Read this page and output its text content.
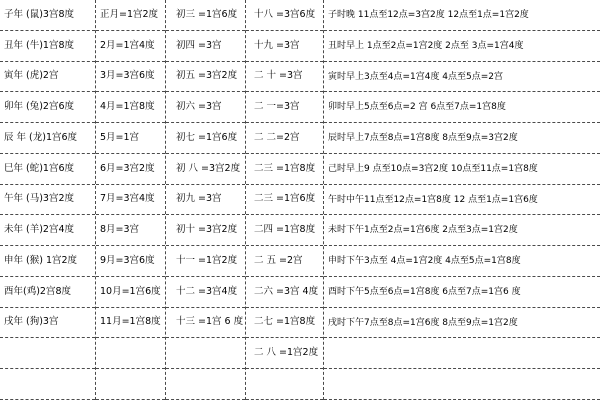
子年 (鼠)3宫8度
丑年 (牛)1宫8度
寅年 (虎)2宫
卯年 (兔)2宫6度
辰 年 (龙)1宫6度
巳年 (蛇)1宫6度
午年 (马)3宫2度
未年 (羊)2宫4度
申年 (猴) 1宫2度
酉年(鸡)2宫8度
戌年 (狗)3宫
正月=1宫2度
2月=1宫4度
3月=3宫6度
4月=1宫8度
5月=1宫
6月=3宫2度
7月=3宫4度
8月=3宫
9月=3宫6度
10月=1宫6度
11月=1宫8度
初三 =1宫6度
初四 =3宫
初五 =3宫2度
初六 =3宫
初七 =1宫6度
初 八 =3宫2度
初九 =3宫
初十 =3宫2度
十一 =1宫2度
十二 =3宫4度
十三 =1宫 6 度
十八 =3宫6度
十九 =3宫
二 十 =3宫
二 一=3宫
二 二=2宫
二三 =1宫8度
二三 =1宫6度
二四 =1宫8度
二 五 =2宫
二六 =3宫 4度
二七 =1宫8度
二 八 =1宫2度
子时晚 11点至12点=3宫2度 12点至1点=1宫2度
丑时早上 1点至2点=1宫2度 2点至 3点=1宫4度
寅时早上3点至4点=1宫4度 4点至5点=2宫
卯时早上5点至6点=2 宫 6点至7点=1宫8度
辰时早上7点至8点=1宫8度 8点至9点=3宫2度
己时早上9 点至10点=3宫2度 10点至11点=1宫8度
午时中午11点至12点=1宫8度 12 点至1点=1宫6度
未时下午1点至2点=1宫6度 2点至3点=1宫2度
申时下午3点至 4点=1宫2度 4点至5点=1宫8度
酉时下午5点至6点=1宫8度 6点至7点=1宫6 度
戌时下午7点至8点=1宫6度 8点至9点=1宫2度
